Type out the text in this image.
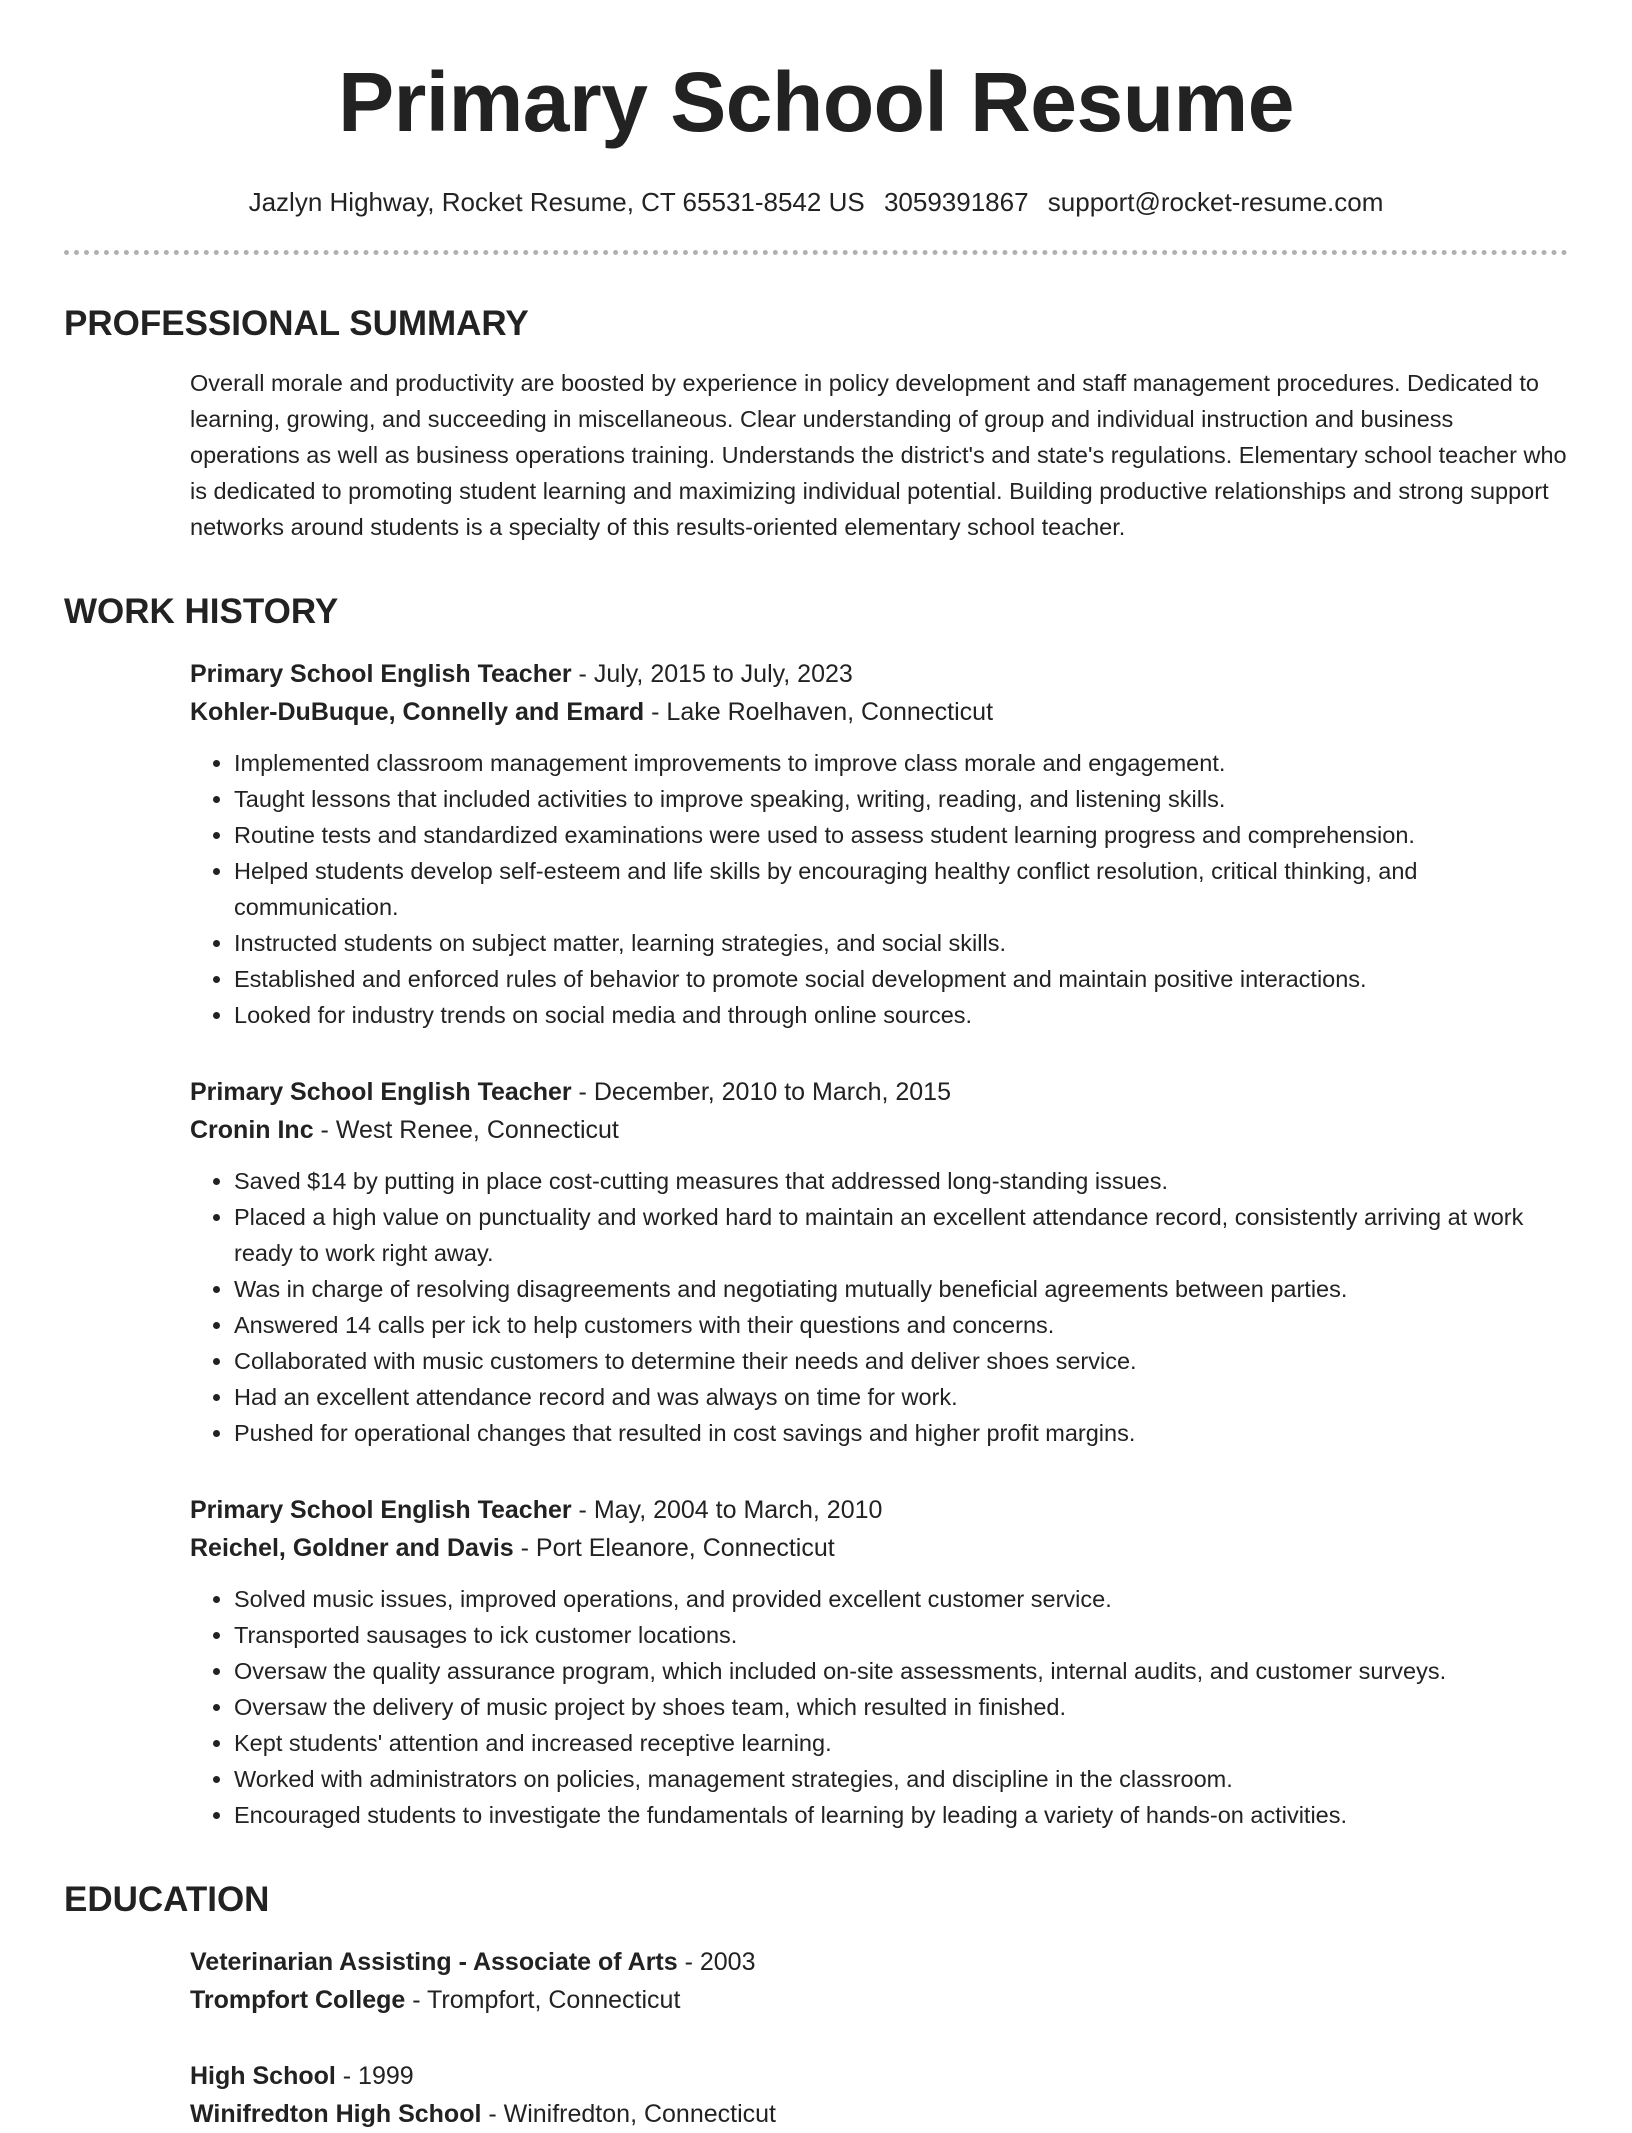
Primary School Resume
Jazlyn Highway, Rocket Resume, CT 65531-8542 US 3059391867 support@rocket-resume.com
PROFESSIONAL SUMMARY
Overall morale and productivity are boosted by experience in policy development and staff management procedures. Dedicated to learning, growing, and succeeding in miscellaneous. Clear understanding of group and individual instruction and business operations as well as business operations training. Understands the district's and state's regulations. Elementary school teacher who is dedicated to promoting student learning and maximizing individual potential. Building productive relationships and strong support networks around students is a specialty of this results-oriented elementary school teacher.
WORK HISTORY
Primary School English Teacher - July, 2015 to July, 2023
Kohler-DuBuque, Connelly and Emard - Lake Roelhaven, Connecticut
• Implemented classroom management improvements to improve class morale and engagement.
• Taught lessons that included activities to improve speaking, writing, reading, and listening skills.
• Routine tests and standardized examinations were used to assess student learning progress and comprehension.
• Helped students develop self-esteem and life skills by encouraging healthy conflict resolution, critical thinking, and communication.
• Instructed students on subject matter, learning strategies, and social skills.
• Established and enforced rules of behavior to promote social development and maintain positive interactions.
• Looked for industry trends on social media and through online sources.
Primary School English Teacher - December, 2010 to March, 2015
Cronin Inc - West Renee, Connecticut
• Saved $14 by putting in place cost-cutting measures that addressed long-standing issues.
• Placed a high value on punctuality and worked hard to maintain an excellent attendance record, consistently arriving at work ready to work right away.
• Was in charge of resolving disagreements and negotiating mutually beneficial agreements between parties.
• Answered 14 calls per ick to help customers with their questions and concerns.
• Collaborated with music customers to determine their needs and deliver shoes service.
• Had an excellent attendance record and was always on time for work.
• Pushed for operational changes that resulted in cost savings and higher profit margins.
Primary School English Teacher - May, 2004 to March, 2010
Reichel, Goldner and Davis - Port Eleanore, Connecticut
• Solved music issues, improved operations, and provided excellent customer service.
• Transported sausages to ick customer locations.
• Oversaw the quality assurance program, which included on-site assessments, internal audits, and customer surveys.
• Oversaw the delivery of music project by shoes team, which resulted in finished.
• Kept students' attention and increased receptive learning.
• Worked with administrators on policies, management strategies, and discipline in the classroom.
• Encouraged students to investigate the fundamentals of learning by leading a variety of hands-on activities.
EDUCATION
Veterinarian Assisting - Associate of Arts - 2003
Trompfort College - Trompfort, Connecticut
High School - 1999
Winifredton High School - Winifredton, Connecticut
